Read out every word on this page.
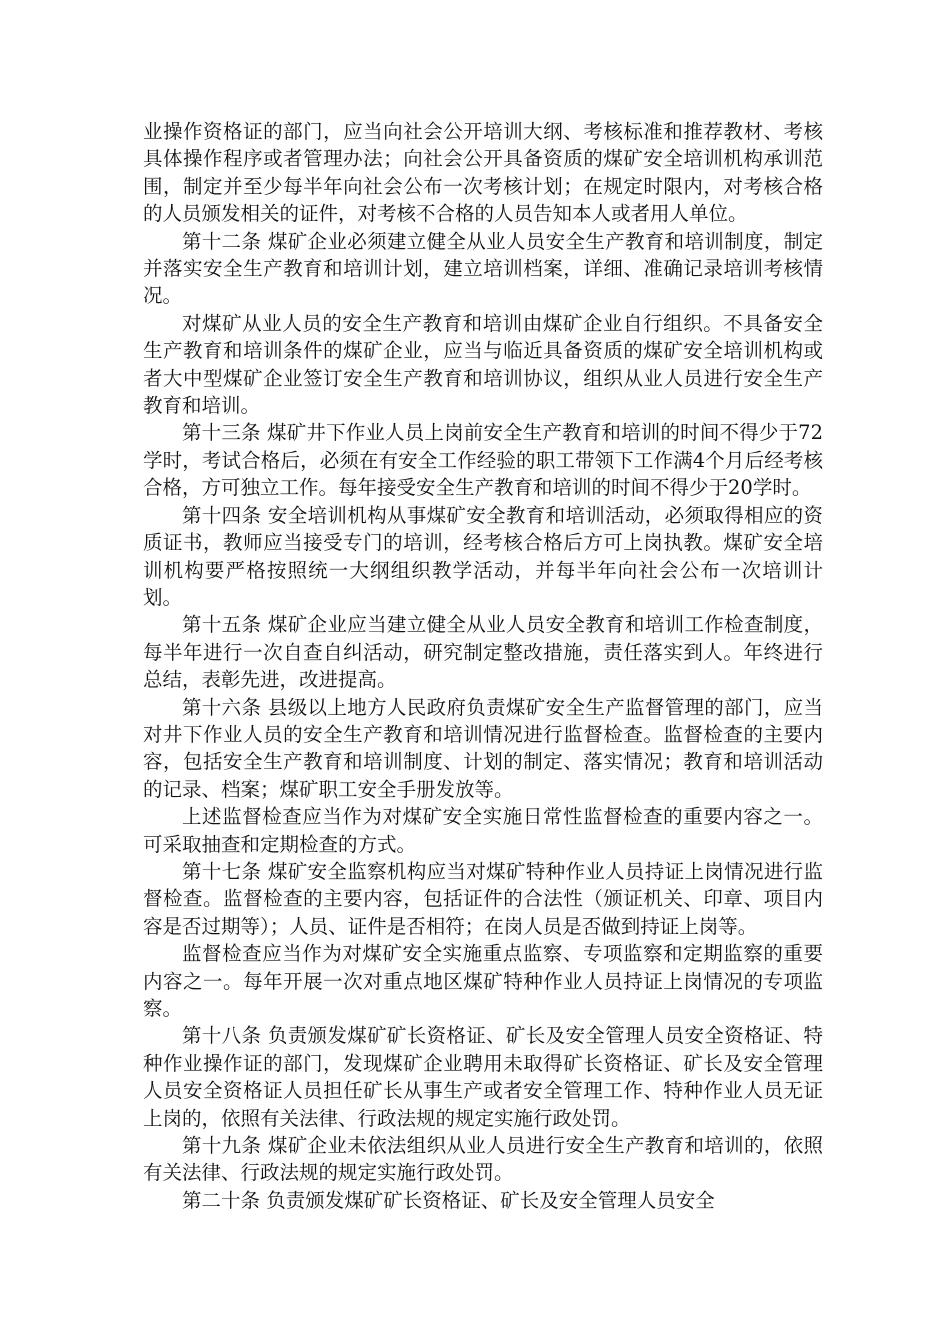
业操作资格证的部门，应当向社会公开培训大纲、考核标准和推荐教材、考核具体操作程序或者管理办法；向社会公开具备资质的煤矿安全培训机构承训范围，制定并至少每半年向社会公布一次考核计划；在规定时限内，对考核合格的人员颁发相关的证件，对考核不合格的人员告知本人或者用人单位。

第十二条 煤矿企业必须建立健全从业人员安全生产教育和培训制度，制定并落实安全生产教育和培训计划，建立培训档案，详细、准确记录培训考核情况。

对煤矿从业人员的安全生产教育和培训由煤矿企业自行组织。不具备安全生产教育和培训条件的煤矿企业，应当与临近具备资质的煤矿安全培训机构或者大中型煤矿企业签订安全生产教育和培训协议，组织从业人员进行安全生产教育和培训。

第十三条 煤矿井下作业人员上岗前安全生产教育和培训的时间不得少于72学时，考试合格后，必须在有安全工作经验的职工带领下工作满4个月后经考核合格，方可独立工作。每年接受安全生产教育和培训的时间不得少于20学时。

第十四条 安全培训机构从事煤矿安全教育和培训活动，必须取得相应的资质证书，教师应当接受专门的培训，经考核合格后方可上岗执教。煤矿安全培训机构要严格按照统一大纲组织教学活动，并每半年向社会公布一次培训计划。

第十五条 煤矿企业应当建立健全从业人员安全教育和培训工作检查制度，每半年进行一次自查自纠活动，研究制定整改措施，责任落实到人。年终进行总结，表彰先进，改进提高。

第十六条 县级以上地方人民政府负责煤矿安全生产监督管理的部门，应当对井下作业人员的安全生产教育和培训情况进行监督检查。监督检查的主要内容，包括安全生产教育和培训制度、计划的制定、落实情况；教育和培训活动的记录、档案；煤矿职工安全手册发放等。

上述监督检查应当作为对煤矿安全实施日常性监督检查的重要内容之一。可采取抽查和定期检查的方式。

第十七条 煤矿安全监察机构应当对煤矿特种作业人员持证上岗情况进行监督检查。监督检查的主要内容，包括证件的合法性（颁证机关、印章、项目内容是否过期等）；人员、证件是否相符；在岗人员是否做到持证上岗等。

监督检查应当作为对煤矿安全实施重点监察、专项监察和定期监察的重要内容之一。每年开展一次对重点地区煤矿特种作业人员持证上岗情况的专项监察。

第十八条 负责颁发煤矿矿长资格证、矿长及安全管理人员安全资格证、特种作业操作证的部门，发现煤矿企业聘用未取得矿长资格证、矿长及安全管理人员安全资格证人员担任矿长从事生产或者安全管理工作、特种作业人员无证上岗的，依照有关法律、行政法规的规定实施行政处罚。

第十九条 煤矿企业未依法组织从业人员进行安全生产教育和培训的，依照有关法律、行政法规的规定实施行政处罚。

第二十条 负责颁发煤矿矿长资格证、矿长及安全管理人员安全
